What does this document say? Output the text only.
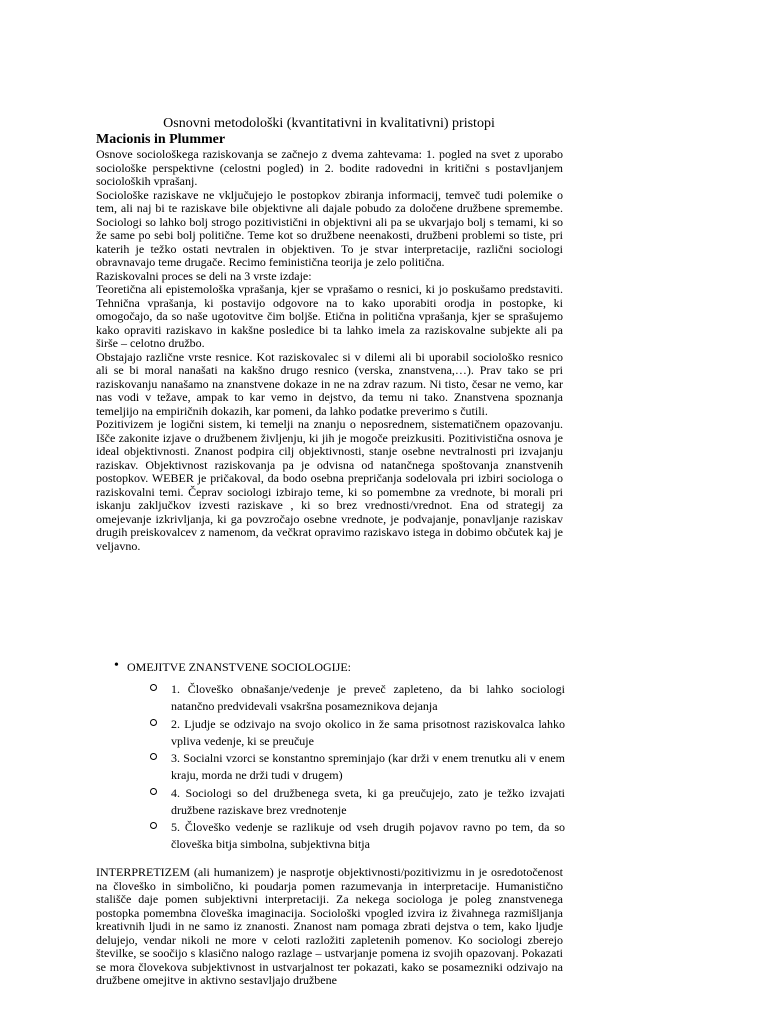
Osnovni metodološki (kvantitativni in kvalitativni) pristopi
Macionis in Plummer

Osnove sociološkega raziskovanja se začnejo z dvema zahtevama: 1. pogled na svet z uporabo sociološke perspektivne (celostni pogled) in 2. bodite radovedni in kritični s postavljanjem socioloških vprašanj.

Sociološke raziskave ne vključujejo le postopkov zbiranja informacij, temveč tudi polemike o tem, ali naj bi te raziskave bile objektivne ali dajale pobudo za določene družbene spremembe. Sociologi so lahko bolj strogo pozitivistični in objektivni ali pa se ukvarjajo bolj s temami, ki so že same po sebi bolj politične. Teme kot so družbene neenakosti, družbeni problemi so tiste, pri katerih je težko ostati nevtralen in objektiven. To je stvar interpretacije, različni sociologi obravnavajo teme drugače. Recimo feministična teorija je zelo politična.

Raziskovalni proces se deli na 3 vrste izdaje:

Teoretična ali epistemološka vprašanja, kjer se vprašamo o resnici, ki jo poskušamo predstaviti. Tehnična vprašanja, ki postavijo odgovore na to kako uporabiti orodja in postopke, ki omogočajo, da so naše ugotovitve čim boljše. Etična in politična vprašanja, kjer se sprašujemo kako opraviti raziskavo in kakšne posledice bi ta lahko imela za raziskovalne subjekte ali pa širše – celotno družbo.

Obstajajo različne vrste resnice. Kot raziskovalec si v dilemi ali bi uporabil sociološko resnico ali se bi moral nanašati na kakšno drugo resnico (verska, znanstvena,…). Prav tako se pri raziskovanju nanašamo na znanstvene dokaze in ne na zdrav razum. Ni tisto, česar ne vemo, kar nas vodi v težave, ampak to kar vemo in dejstvo, da temu ni tako. Znanstvena spoznanja temeljijo na empiričnih dokazih, kar pomeni, da lahko podatke preverimo s čutili.

Pozitivizem je logični sistem, ki temelji na znanju o neposrednem, sistematičnem opazovanju. Išče zakonite izjave o družbenem življenju, ki jih je mogoče preizkusiti. Pozitivistična osnova je ideal objektivnosti. Znanost podpira cilj objektivnosti, stanje osebne nevtralnosti pri izvajanju raziskav. Objektivnost raziskovanja pa je odvisna od natančnega spoštovanja znanstvenih postopkov. WEBER je pričakoval, da bodo osebna prepričanja sodelovala pri izbiri sociologa o raziskovalni temi. Čeprav sociologi izbirajo teme, ki so pomembne za vrednote, bi morali pri iskanju zaključkov izvesti raziskave , ki so brez vrednosti/vrednot. Ena od strategij za omejevanje izkrivljanja, ki ga povzročajo osebne vrednote, je podvajanje, ponavljanje raziskav drugih preiskovalcev z namenom, da večkrat opravimo raziskavo istega in dobimo občutek kaj je veljavno.

• OMEJITVE ZNANSTVENE SOCIOLOGIJE:

1. Človeško obnašanje/vedenje je preveč zapleteno, da bi lahko sociologi natančno predvidevali vsakršna posameznikova dejanja
2. Ljudje se odzivajo na svojo okolico in že sama prisotnost raziskovalca lahko vpliva vedenje, ki se preučuje
3. Socialni vzorci se konstantno spreminjajo (kar drži v enem trenutku ali v enem kraju, morda ne drži tudi v drugem)
4. Sociologi so del družbenega sveta, ki ga preučujejo, zato je težko izvajati družbene raziskave brez vrednotenje
5. Človeško vedenje se razlikuje od vseh drugih pojavov ravno po tem, da so človeška bitja simbolna, subjektivna bitja

INTERPRETIZEM (ali humanizem) je nasprotje objektivnosti/pozitivizmu in je osredotočenost na človeško in simbolično, ki poudarja pomen razumevanja in interpretacije. Humanistično stališče daje pomen subjektivni interpretaciji. Za nekega sociologa je poleg znanstvenega postopka pomembna človeška imaginacija. Sociološki vpogled izvira iz živahnega razmišljanja kreativnih ljudi in ne samo iz znanosti. Znanost nam pomaga zbrati dejstva o tem, kako ljudje delujejo, vendar nikoli ne more v celoti razložiti zapletenih pomenov. Ko sociologi zberejo številke, se soočijo s klasično nalogo razlage – ustvarjanje pomena iz svojih opazovanj. Pokazati se mora človekova subjektivnost in ustvarjalnost ter pokazati, kako se posamezniki odzivajo na družbene omejitve in aktivno sestavljajo družbene
